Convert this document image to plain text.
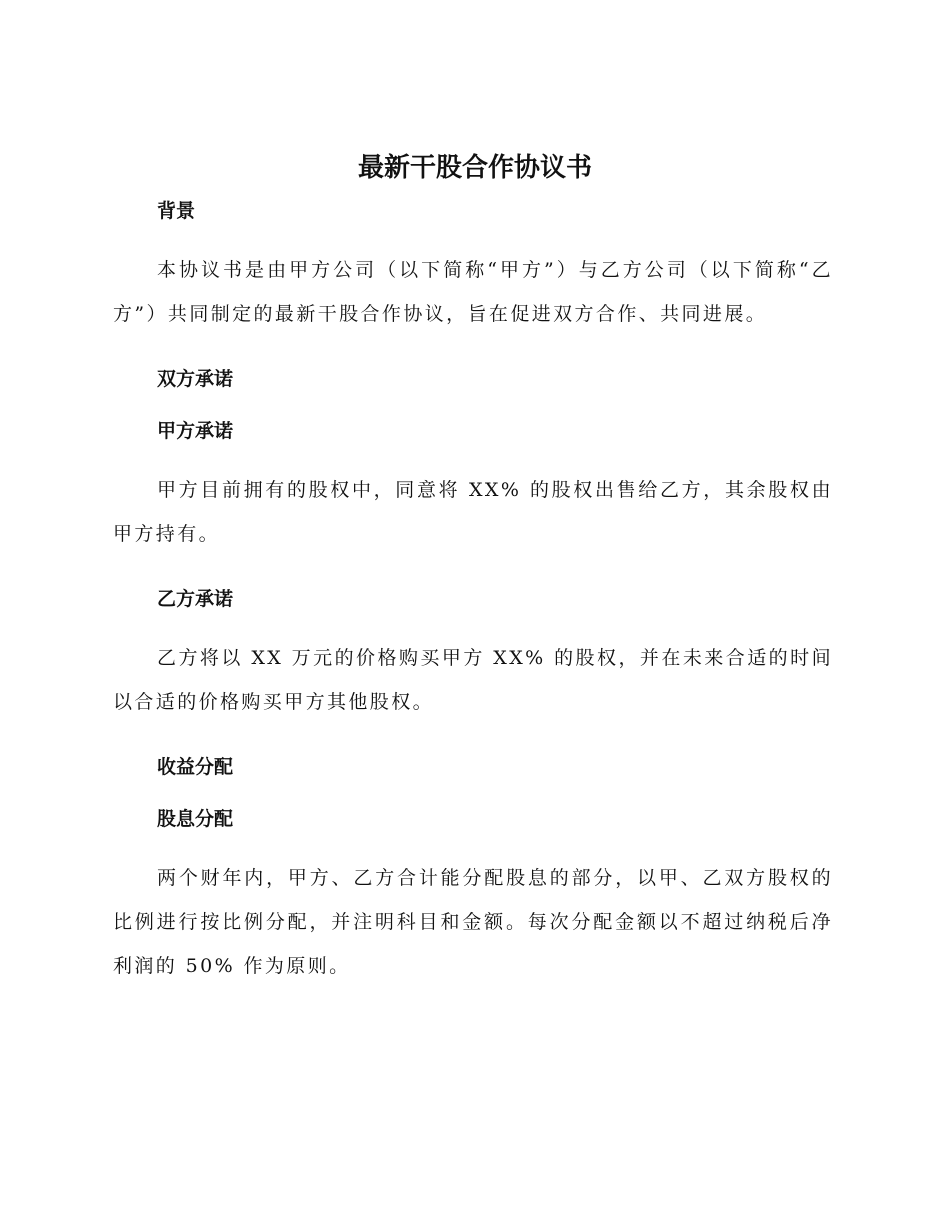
最新干股合作协议书
背景

本协议书是由甲方公司（以下简称“甲方”）与乙方公司（以下简称“乙方”）共同制定的最新干股合作协议，旨在促进双方合作、共同进展。

双方承诺
甲方承诺

甲方目前拥有的股权中，同意将 XX% 的股权出售给乙方，其余股权由甲方持有。

乙方承诺

乙方将以 XX 万元的价格购买甲方 XX% 的股权，并在未来合适的时间以合适的价格购买甲方其他股权。

收益分配
股息分配

两个财年内，甲方、乙方合计能分配股息的部分，以甲、乙双方股权的比例进行按比例分配，并注明科目和金额。每次分配金额以不超过纳税后净利润的 50% 作为原则。
